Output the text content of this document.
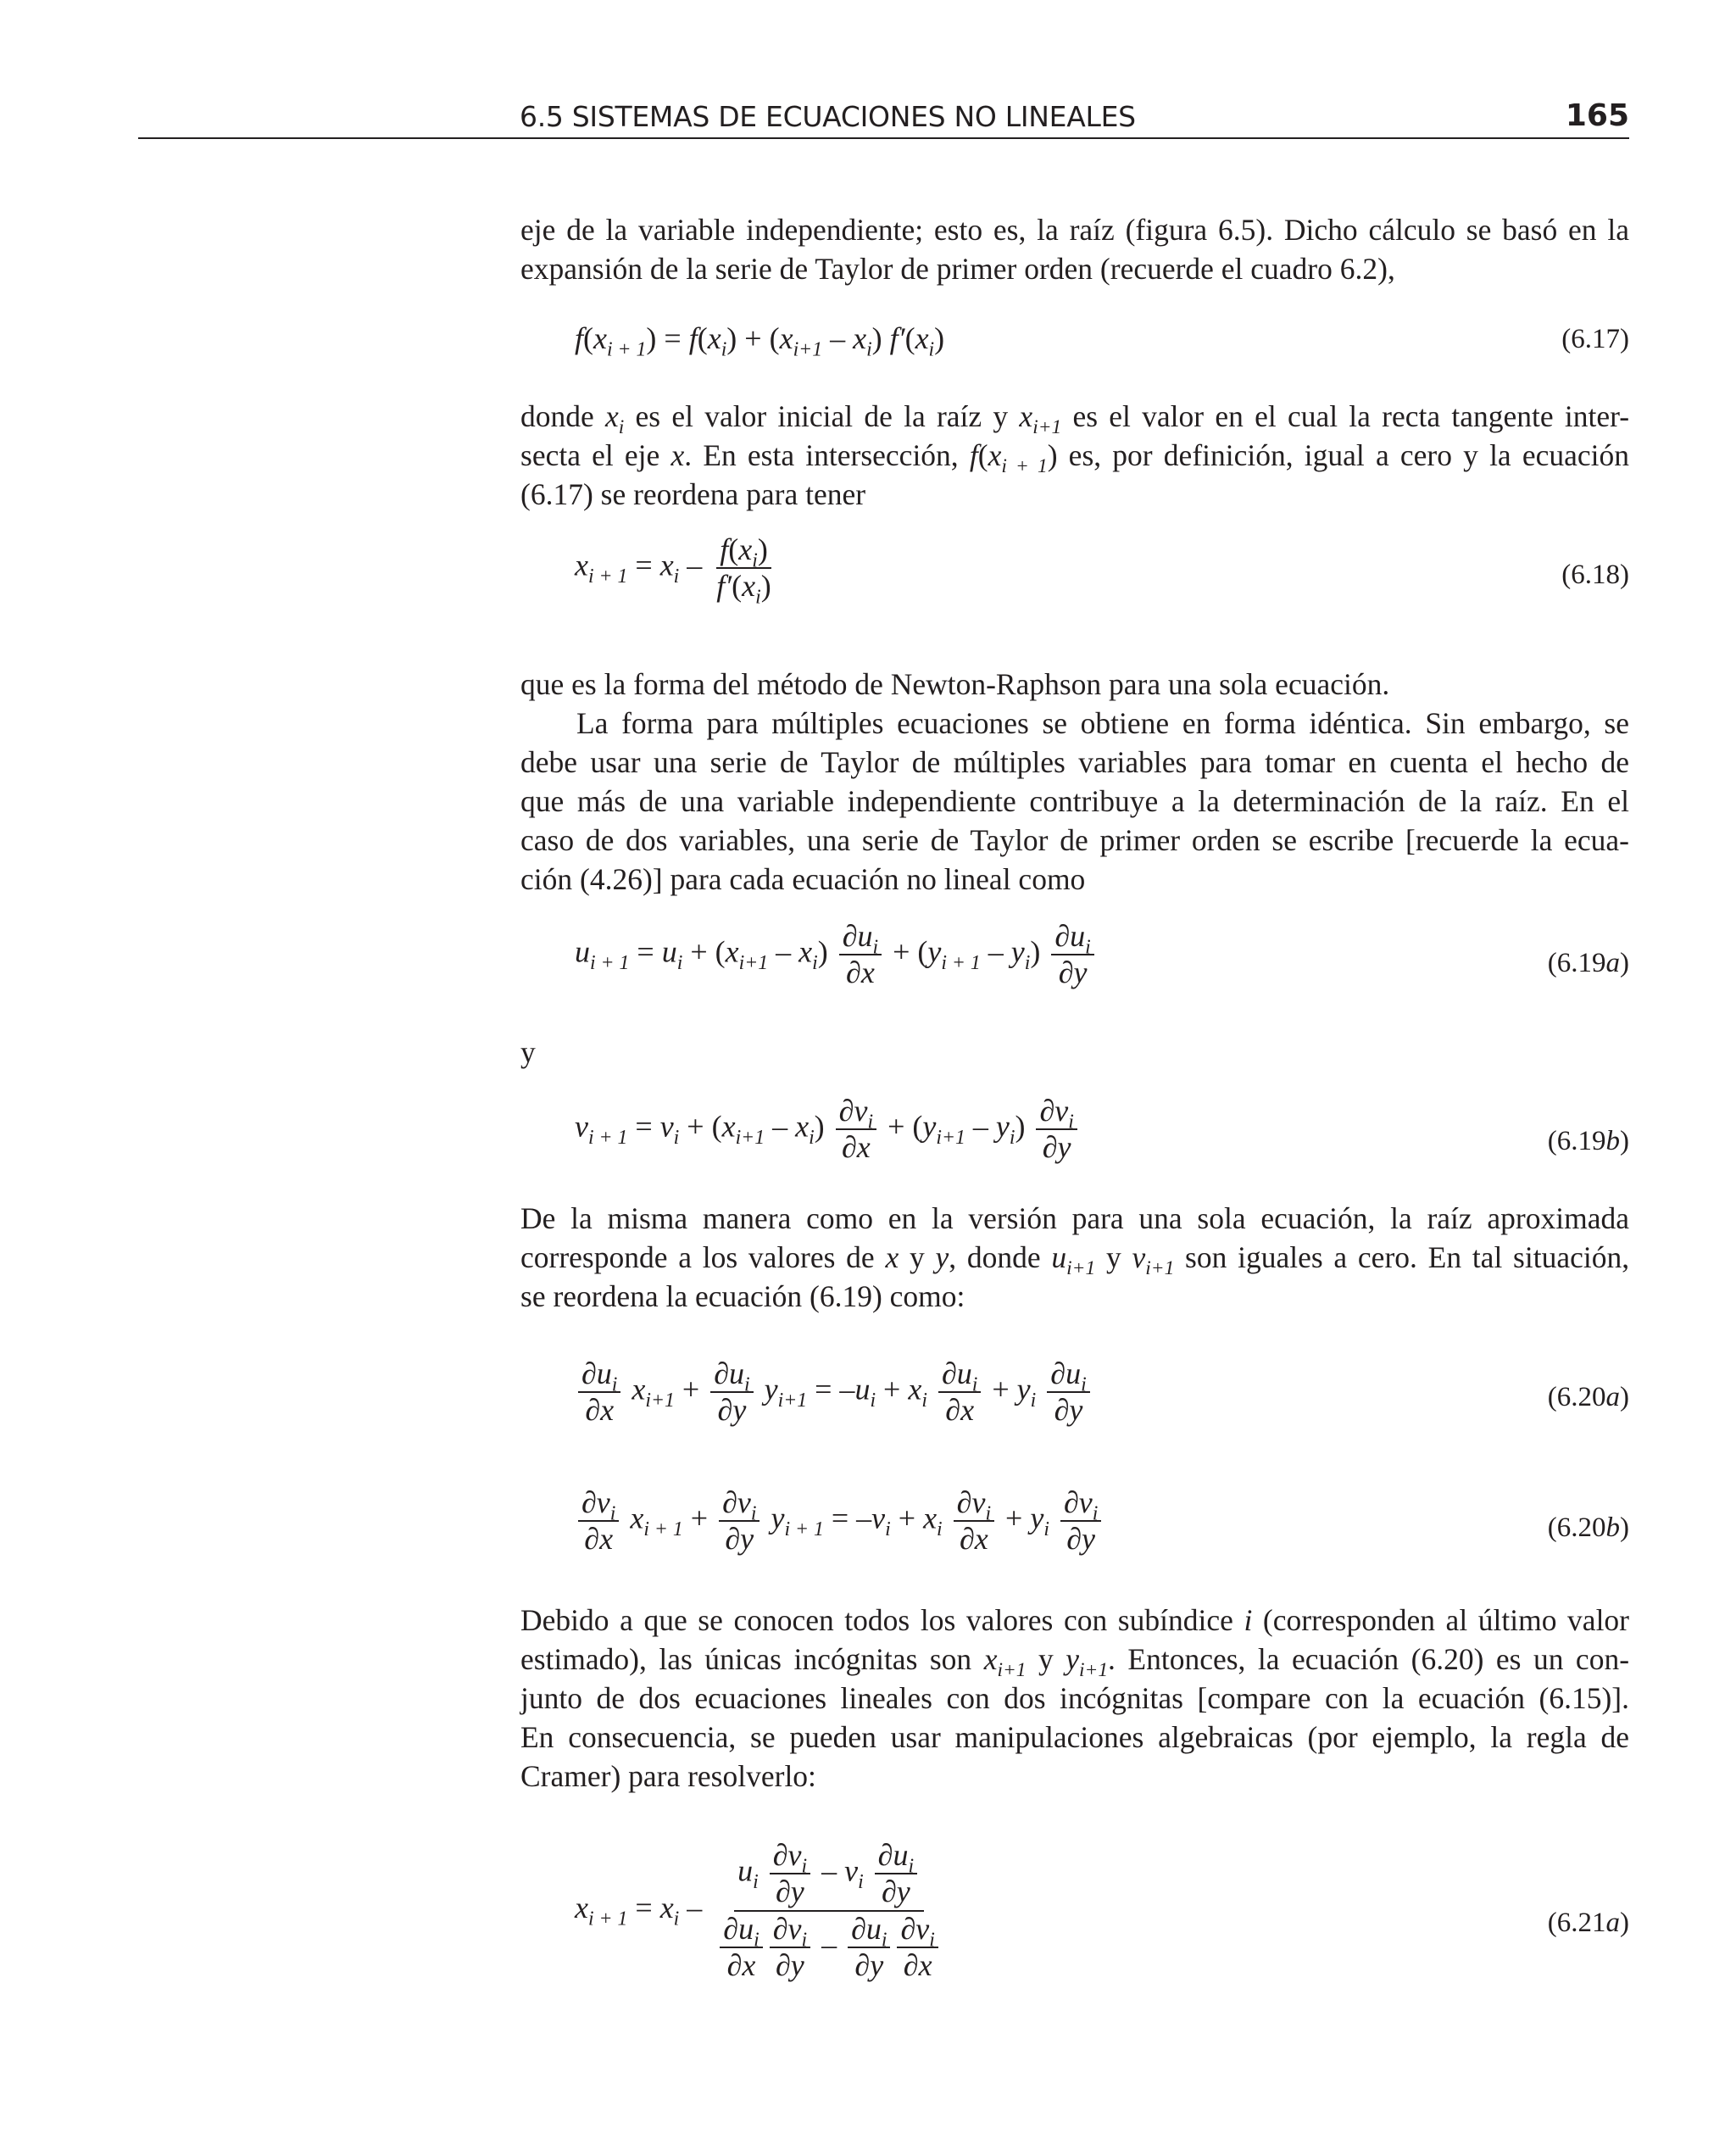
6.5 SISTEMAS DE ECUACIONES NO LINEALES	165
eje de la variable independiente; esto es, la raíz (figura 6.5). Dicho cálculo se basó en la
expansión de la serie de Taylor de primer orden (recuerde el cuadro 6.2),
$f(x_{i + 1}) = f(x_i) + (x_{i+1} - x_i)$ $f'(x_i)$	(6.17)
donde $x_i$ es el valor inicial de la raíz y $x_{i+1}$ es el valor en el cual la recta tangente inter-
secta el eje x. En esta intersección, $f(x_{i + 1})$ es, por definición, igual a cero y la ecuación
(6.17) se reordena para tener
$x_{i + 1} = x_i - \frac{f(x_i)}{f'(x_i)}$	(6.18)
que es la forma del método de Newton-Raphson para una sola ecuación.
La forma para múltiples ecuaciones se obtiene en forma idéntica. Sin embargo, se
debe usar una serie de Taylor de múltiples variables para tomar en cuenta el hecho de
que más de una variable independiente contribuye a la determinación de la raíz. En el
caso de dos variables, una serie de Taylor de primer orden se escribe [recuerde la ecua-
ción (4.26)] para cada ecuación no lineal como
$u_{i + 1} = u_i + (x_{i+1} - x_i) \frac{\partial u_i}{\partial x} + (y_{i + 1} - y_i) \frac{\partial u_i}{\partial y}$	(6.19a)
y
$v_{i + 1} = v_i + (x_{i+1} - x_i) \frac{\partial v_i}{\partial x} + (y_{i+1} - y_i) \frac{\partial v_i}{\partial y}$	(6.19b)
De la misma manera como en la versión para una sola ecuación, la raíz aproximada
corresponde a los valores de x y y, donde $u_{i+1}$ y $v_{i+1}$ son iguales a cero. En tal situación,
se reordena la ecuación (6.19) como:
$\frac{\partial u_i}{\partial x} x_{i+1} + \frac{\partial u_i}{\partial y} y_{i+1} = -u_i + x_i \frac{\partial u_i}{\partial x} + y_i \frac{\partial u_i}{\partial y}$	(6.20a)
$\frac{\partial v_i}{\partial x} x_{i + 1} + \frac{\partial v_i}{\partial y} y_{i + 1} = -v_i + x_i \frac{\partial v_i}{\partial x} + y_i \frac{\partial v_i}{\partial y}$	(6.20b)
Debido a que se conocen todos los valores con subíndice i (corresponden al último valor
estimado), las únicas incógnitas son $x_{i+1}$ y $y_{i+1}$. Entonces, la ecuación (6.20) es un con-
junto de dos ecuaciones lineales con dos incógnitas [compare con la ecuación (6.15)].
En consecuencia, se pueden usar manipulaciones algebraicas (por ejemplo, la regla de
Cramer) para resolverlo:
$x_{i + 1} = x_i - \frac{u_i \frac{\partial v_i}{\partial y} - v_i \frac{\partial u_i}{\partial y}}{\frac{\partial u_i}{\partial x} \frac{\partial v_i}{\partial y} - \frac{\partial u_i}{\partial y} \frac{\partial v_i}{\partial x}}$	(6.21a)
